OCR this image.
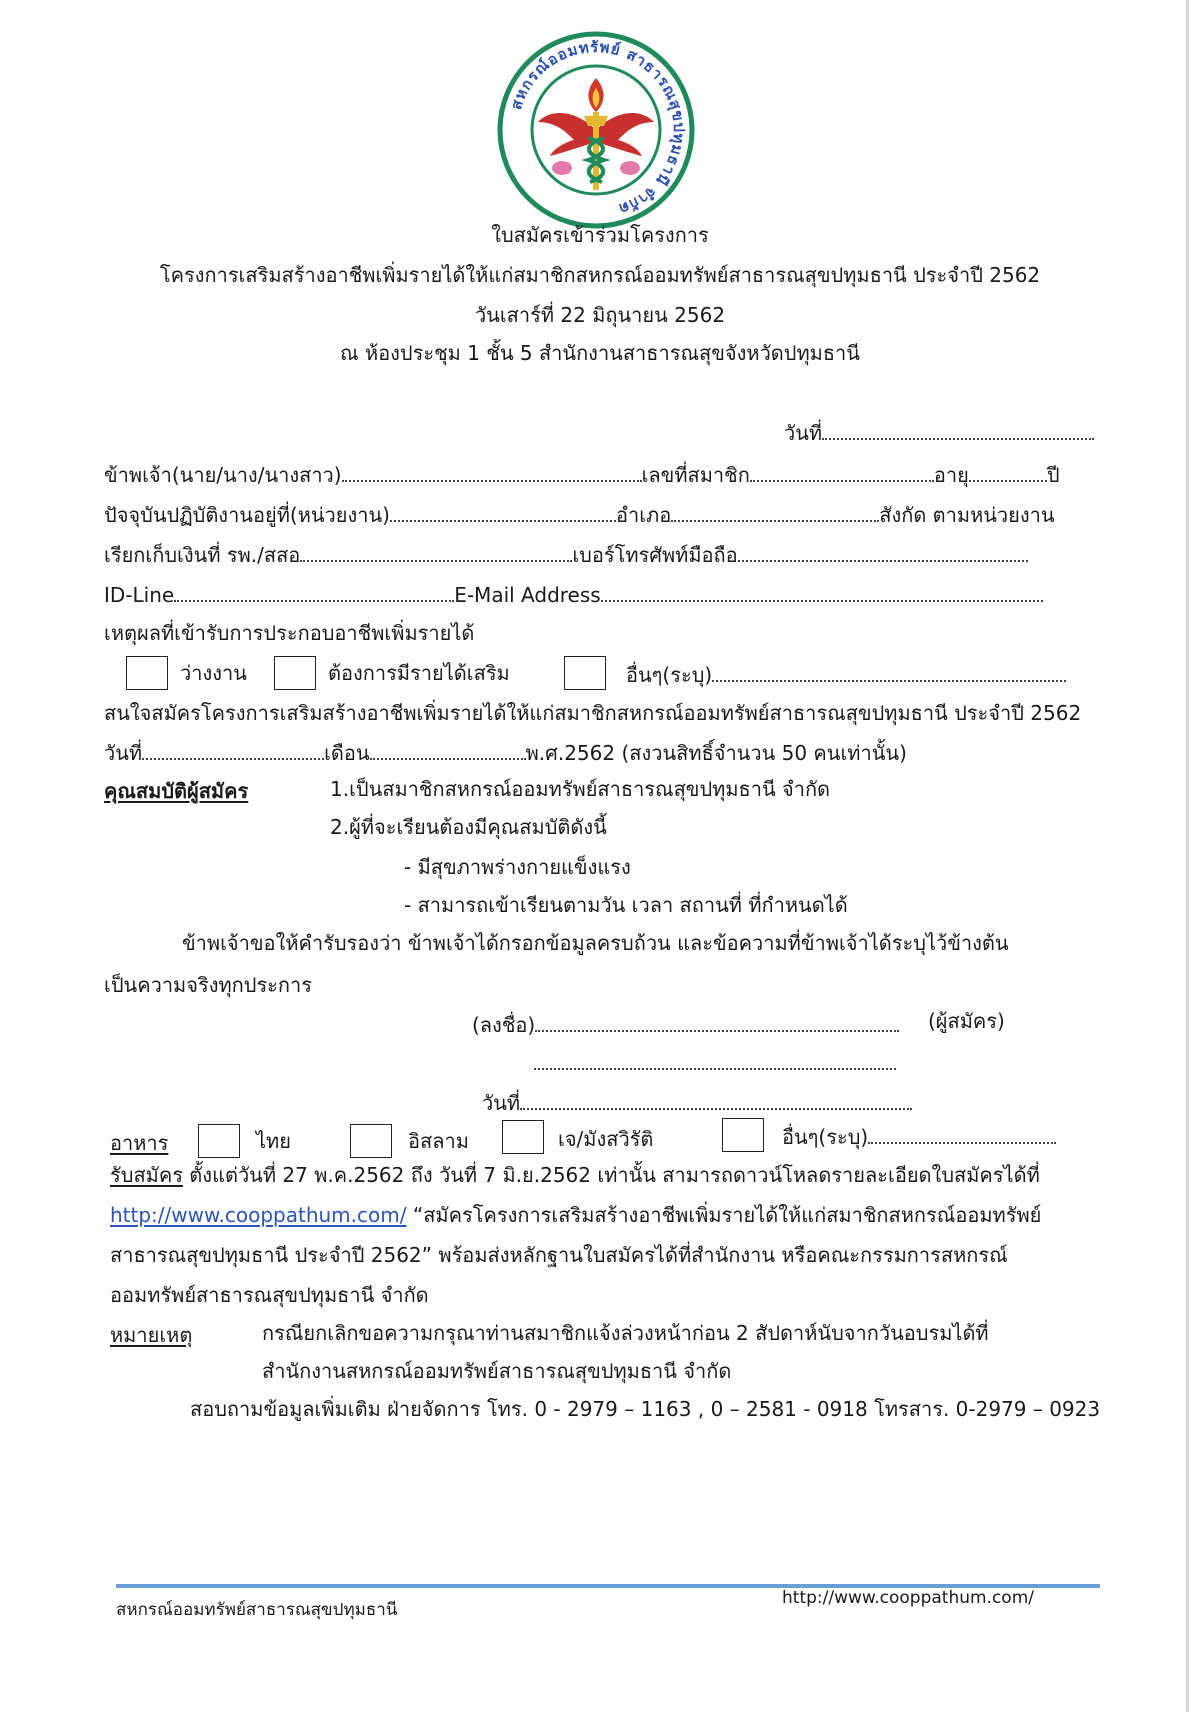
สหกรณ์ออมทรัพย์ สาธารณสุขปทุมธานี จำกัด
ใบสมัครเข้าร่วมโครงการ
โครงการเสริมสร้างอาชีพเพิ่มรายได้ให้แก่สมาชิกสหกรณ์ออมทรัพย์สาธารณสุขปทุมธานี ประจำปี 2562
วันเสาร์ที่ 22 มิถุนายน 2562
ณ ห้องประชุม 1 ชั้น 5 สำนักงานสาธารณสุขจังหวัดปทุมธานี
วันที่
ข้าพเจ้า(นาย/นาง/นางสาว)	เลขที่สมาชิก	อายุ	ปี
ปัจจุบันปฏิบัติงานอยู่ที่(หน่วยงาน)	อำเภอ	สังกัด ตามหน่วยงาน
เรียกเก็บเงินที่ รพ./สสอ	เบอร์โทรศัพท์มือถือ
ID-Line	E-Mail Address
เหตุผลที่เข้ารับการประกอบอาชีพเพิ่มรายได้
ว่างงาน	ต้องการมีรายได้เสริม	อื่นๆ(ระบุ)
สนใจสมัครโครงการเสริมสร้างอาชีพเพิ่มรายได้ให้แก่สมาชิกสหกรณ์ออมทรัพย์สาธารณสุขปทุมธานี ประจำปี 2562
วันที่	เดือน	พ.ศ.2562 (สงวนสิทธิ์จำนวน 50 คนเท่านั้น)
คุณสมบัติผู้สมัคร	1.เป็นสมาชิกสหกรณ์ออมทรัพย์สาธารณสุขปทุมธานี จำกัด
2.ผู้ที่จะเรียนต้องมีคุณสมบัติดังนี้
- มีสุขภาพร่างกายแข็งแรง
- สามารถเข้าเรียนตามวัน เวลา สถานที่ ที่กำหนดได้
ข้าพเจ้าขอให้คำรับรองว่า ข้าพเจ้าได้กรอกข้อมูลครบถ้วน และข้อความที่ข้าพเจ้าได้ระบุไว้ข้างต้น
เป็นความจริงทุกประการ
(ลงชื่อ)	(ผู้สมัคร)
วันที่
อาหาร	ไทย	อิสลาม	เจ/มังสวิรัติ	อื่นๆ(ระบุ)
รับสมัคร ตั้งแต่วันที่ 27 พ.ค.2562 ถึง วันที่ 7 มิ.ย.2562 เท่านั้น สามารถดาวน์โหลดรายละเอียดใบสมัครได้ที่
http://www.cooppathum.com/ “สมัครโครงการเสริมสร้างอาชีพเพิ่มรายได้ให้แก่สมาชิกสหกรณ์ออมทรัพย์
สาธารณสุขปทุมธานี ประจำปี 2562” พร้อมส่งหลักฐานใบสมัครได้ที่สำนักงาน หรือคณะกรรมการสหกรณ์
ออมทรัพย์สาธารณสุขปทุมธานี จำกัด
หมายเหตุ	กรณียกเลิกขอความกรุณาท่านสมาชิกแจ้งล่วงหน้าก่อน 2 สัปดาห์นับจากวันอบรมได้ที่
สำนักงานสหกรณ์ออมทรัพย์สาธารณสุขปทุมธานี จำกัด
สอบถามข้อมูลเพิ่มเติม ฝ่ายจัดการ โทร. 0 - 2979 – 1163 , 0 – 2581 - 0918 โทรสาร. 0-2979 – 0923
สหกรณ์ออมทรัพย์สาธารณสุขปทุมธานี
http://www.cooppathum.com/
